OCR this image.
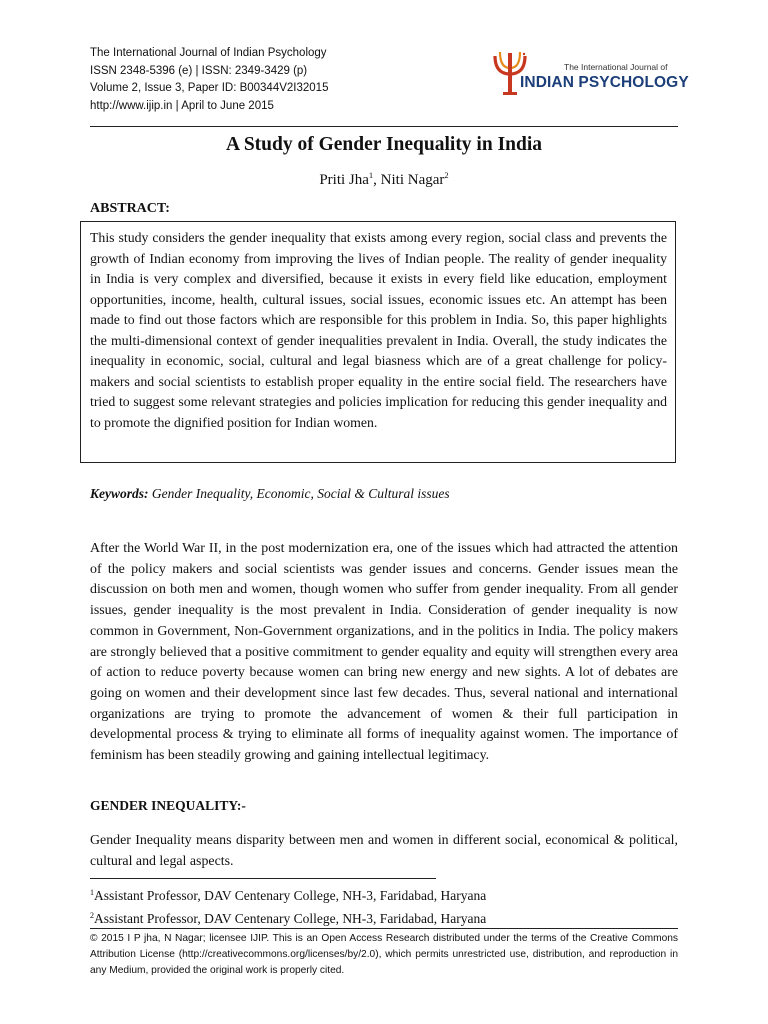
The International Journal of Indian Psychology
ISSN 2348-5396 (e) | ISSN: 2349-3429 (p)
Volume 2, Issue 3, Paper ID: B00344V2I32015
http://www.ijip.in | April to June 2015
The International Journal of
INDIAN PSYCHOLOGY
A Study of Gender Inequality in India
Priti Jha$^1$, Niti Nagar$^2$
ABSTRACT:
This study considers the gender inequality that exists among every region, social class and prevents the growth of Indian economy from improving the lives of Indian people. The reality of gender inequality in India is very complex and diversified, because it exists in every field like education, employment opportunities, income, health, cultural issues, social issues, economic issues etc. An attempt has been made to find out those factors which are responsible for this problem in India. So, this paper highlights the multi-dimensional context of gender inequalities prevalent in India. Overall, the study indicates the inequality in economic, social, cultural and legal biasness which are of a great challenge for policy-makers and social scientists to establish proper equality in the entire social field. The researchers have tried to suggest some relevant strategies and policies implication for reducing this gender inequality and to promote the dignified position for Indian women.
Keywords: Gender Inequality, Economic, Social & Cultural issues
After the World War II, in the post modernization era, one of the issues which had attracted the attention of the policy makers and social scientists was gender issues and concerns. Gender issues mean the discussion on both men and women, though women who suffer from gender inequality. From all gender issues, gender inequality is the most prevalent in India. Consideration of gender inequality is now common in Government, Non-Government organizations, and in the politics in India. The policy makers are strongly believed that a positive commitment to gender equality and equity will strengthen every area of action to reduce poverty because women can bring new energy and new sights. A lot of debates are going on women and their development since last few decades. Thus, several national and international organizations are trying to promote the advancement of women & their full participation in developmental process & trying to eliminate all forms of inequality against women. The importance of feminism has been steadily growing and gaining intellectual legitimacy.
GENDER INEQUALITY:-
Gender Inequality means disparity between men and women in different social, economical & political, cultural and legal aspects.
$^1$Assistant Professor, DAV Centenary College, NH-3, Faridabad, Haryana
$^2$Assistant Professor, DAV Centenary College, NH-3, Faridabad, Haryana
© 2015 I P jha, N Nagar; licensee IJIP. This is an Open Access Research distributed under the terms of the Creative Commons Attribution License (http://creativecommons.org/licenses/by/2.0), which permits unrestricted use, distribution, and reproduction in any Medium, provided the original work is properly cited.
